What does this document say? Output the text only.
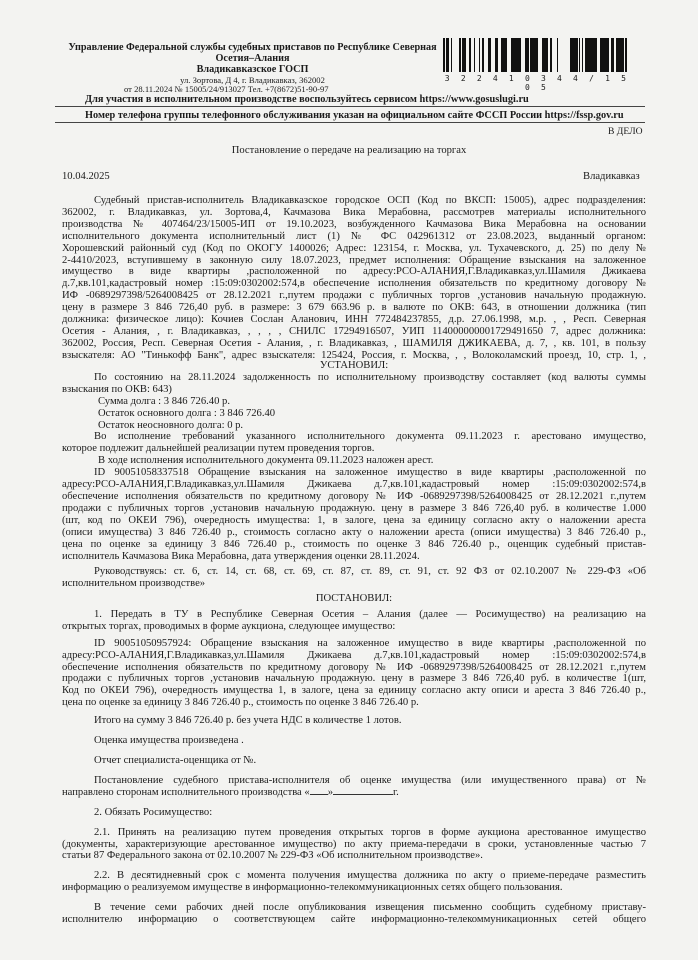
Управление Федеральной службы судебных приставов по Республике Северная
Осетия–Алания
Владикавказское ГОСП
ул. Зортова, Д 4, г. Владикавказ, 362002
от 28.11.2024 № 15005/24/913027 Тел. +7(8672)51-90-97
3 2 2 4 1 0 3 4 4 / 1 5 0 5
Для участия в исполнительном производстве воспользуйтесь сервисом https://www.gosuslugi.ru
Номер телефона группы телефонного обслуживания указан на официальном сайте ФССП России https://fssp.gov.ru
В ДЕЛО
Постановление о передаче на реализацию на торгах
10.04.2025	Владикавказ

Судебный пристав-исполнитель Владикавказское городское ОСП (Код по ВКСП: 15005), адрес подразделения:

362002, г. Владикавказ, ул. Зортова,4, Качмазова Вика Мерабовна, рассмотрев материалы исполнительного

производства № 407464/23/15005-ИП от 19.10.2023, возбужденного Качмазова Вика Мерабовна на основании

исполнительного документа исполнительный лист (1) № ФС 042961312 от 23.08.2023, выданный органом:

Хорошевский районный суд (Код по ОКОГУ 1400026; Адрес: 123154, г. Москва, ул. Тухачевского, д. 25) по делу №

2-4410/2023, вступившему в законную силу 18.07.2023, предмет исполнения: Обращение взыскания на заложенное

имущество в виде квартиры ,расположенной по адресу:РСО-АЛАНИЯ,Г.Владикавказ,ул.Шамиля Джикаева

д.7,кв.101,кадастровый номер :15:09:0302002:574,в обеспечение исполнения обязательств по кредитному договору №

ИФ -0689297398/5264008425 от 28.12.2021 г.,путем продажи с публичных торгов ,установив начальную продажную.

цену в размере 3 846 726,40 руб. в размере: 3 679 663.96 р. в валюте по ОКВ: 643, в отношении должника (тип

должника: физическое лицо): Кочиев Сослан Аланович, ИНН 772484237855, д.р. 27.06.1998, м.р. , , Респ. Северная

Осетия - Алания, , г. Владикавказ, , , , , СНИЛС 17294916507, УИП 114000000001729491650 7, адрес должника:

362002, Россия, Респ. Северная Осетия - Алания, , г. Владикавказ, , ШАМИЛЯ ДЖИКАЕВА, д. 7, , кв. 101, в пользу

взыскателя: АО "Тинькофф Банк", адрес взыскателя: 125424, Россия, г. Москва, , , Волоколамский проезд, 10, стр. 1, ,

УСТАНОВИЛ:

По состоянию на 28.11.2024 задолженность по исполнительному производству составляет (код валюты суммы

взыскания по ОКВ: 643)

Сумма долга : 3 846 726.40 р.

Остаток основного долга : 3 846 726.40

Остаток неосновного долга: 0 р.

Во исполнение требований указанного исполнительного документа 09.11.2023 г. арестовано имущество,

которое подлежит дальнейшей реализации путем проведения торгов.

В ходе исполнения исполнительного документа 09.11.2023 наложен арест.

ID 90051058337518 Обращение взыскания на заложенное имущество в виде квартиры ,расположенной по

адресу:РСО-АЛАНИЯ,Г.Владикавказ,ул.Шамиля Джикаева д.7,кв.101,кадастровый номер :15:09:0302002:574,в

обеспечение исполнения обязательств по кредитному договору № ИФ -0689297398/5264008425 от 28.12.2021 г.,путем

продажи с публичных торгов ,установив начальную продажную. цену в размере 3 846 726,40 руб. в количестве 1.000

(шт, код по ОКЕИ 796), очередность имущества: 1, в залоге, цена за единицу согласно акту о наложении ареста

(описи имущества) 3 846 726.40 р., стоимость согласно акту о наложении ареста (описи имущества) 3 846 726.40 р.,

цена по оценке за единицу 3 846 726.40 р., стоимость по оценке 3 846 726.40 р., оценщик судебный пристав-

исполнитель Качмазова Вика Мерабовна, дата утверждения оценки 28.11.2024.

Руководствуясь: ст. 6, ст. 14, ст. 68, ст. 69, ст. 87, ст. 89, ст. 91, ст. 92 ФЗ от 02.10.2007 № 229-ФЗ «Об

исполнительном производстве»

ПОСТАНОВИЛ:

1. Передать в ТУ в Республике Северная Осетия – Алания (далее — Росимущество) на реализацию на

открытых торгах, проводимых в форме аукциона, следующее имущество:

ID 90051050957924: Обращение взыскания на заложенное имущество в виде квартиры ,расположенной по

адресу:РСО-АЛАНИЯ,Г.Владикавказ,ул.Шамиля Джикаева д.7,кв.101,кадастровый номер :15:09:0302002:574,в

обеспечение исполнения обязательств по кредитному договору № ИФ -0689297398/5264008425 от 28.12.2021 г.,путем

продажи с публичных торгов ,установив начальную продажную. цену в размере 3 846 726,40 руб. в количестве 1(шт,

Код по ОКЕИ 796), очередность имущества 1, в залоге, цена за единицу согласно акту описи и ареста 3 846 726.40 р.,

цена по оценке за единицу 3 846 726.40 р., стоимость по оценке 3 846 726.40 р.

Итого на сумму 3 846 726.40 р. без учета НДС в количестве 1 лотов.

Оценка имущества произведена .

Отчет специалиста-оценщика от №.

Постановление судебного пристава-исполнителя об оценке имущества (или имущественного права) от №

направлено сторонам исполнительного производства « »	г.

2. Обязать Росимущество:

2.1. Принять на реализацию путем проведения открытых торгов в форме аукциона арестованное имущество

(документы, характеризующие арестованное имущество) по акту приема-передачи в сроки, установленные частью 7

статьи 87 Федерального закона от 02.10.2007 № 229-ФЗ «Об исполнительном производстве».

2.2. В десятидневный срок с момента получения имущества должника по акту о приеме-передаче разместить

информацию о реализуемом имуществе в информационно-телекоммуникационных сетях общего пользования.

В течение семи рабочих дней после опубликования извещения письменно сообщить судебному приставу-

исполнителю информацию о соответствующем сайте информационно-телекоммуникационных сетей общего
